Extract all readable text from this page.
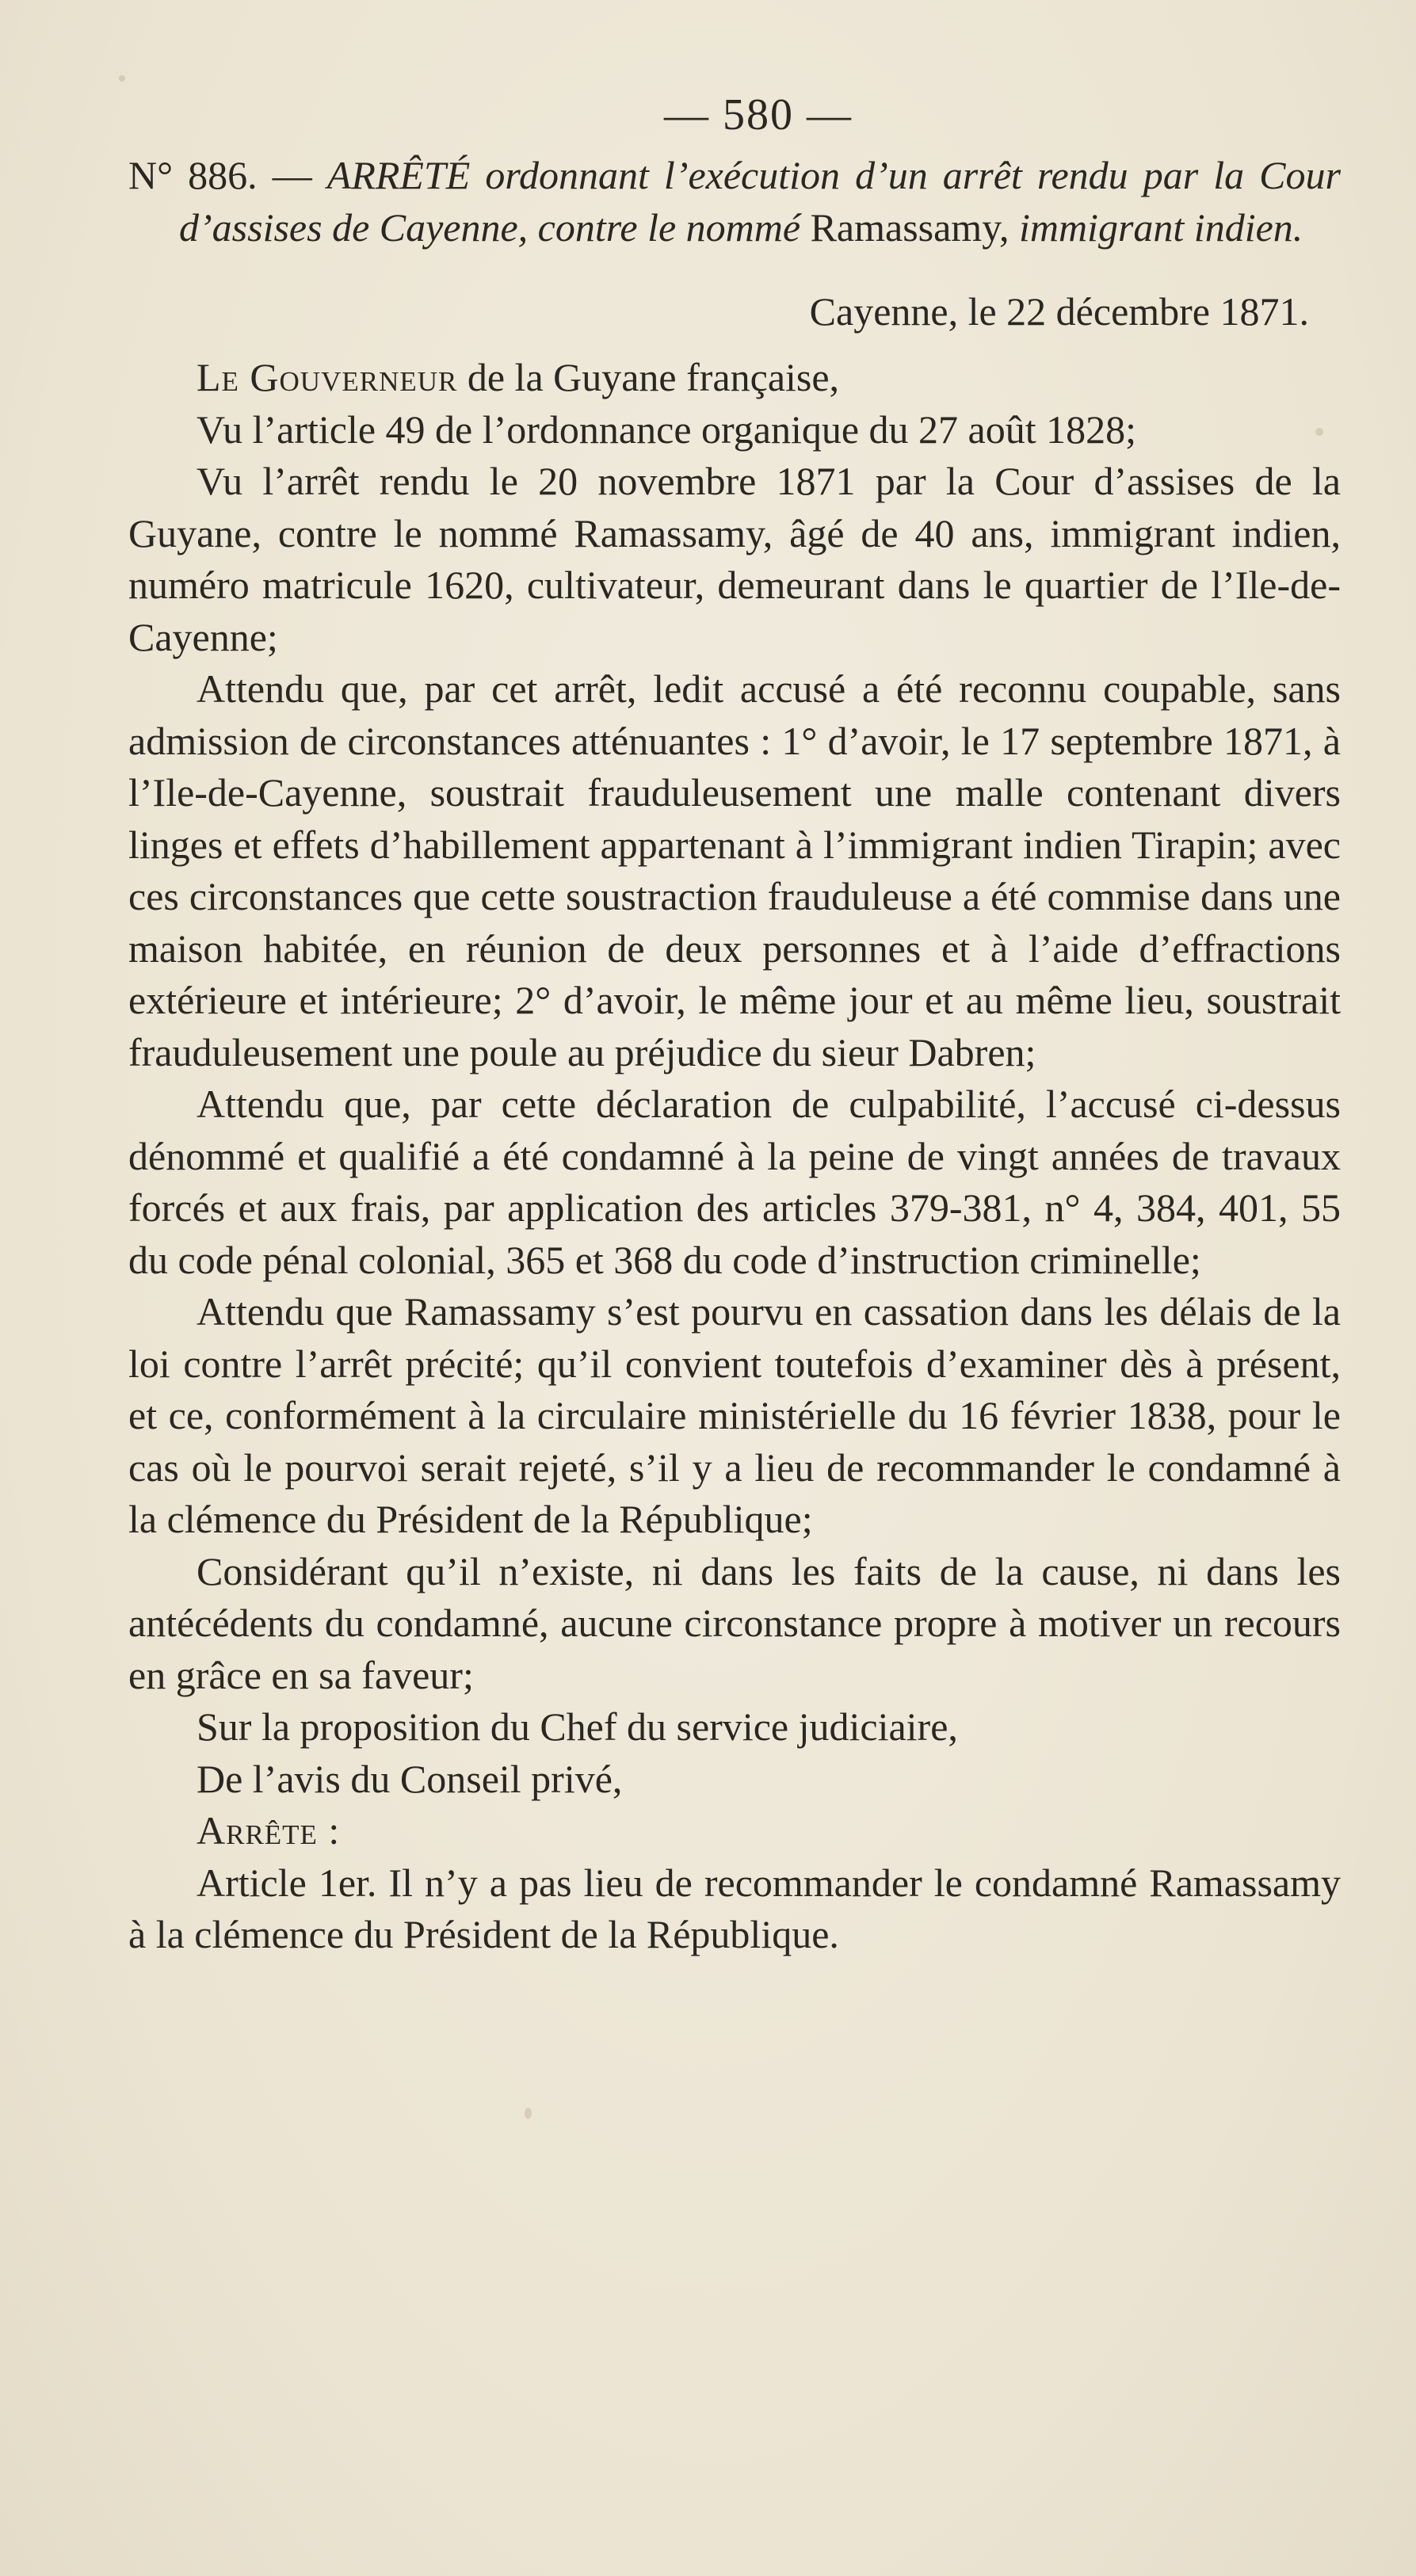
— 580 —
N° 886. — ARRÊTÉ ordonnant l’exécution d’un arrêt rendu par la Cour d’assises de Cayenne, contre le nommé Ramassamy, immigrant indien.
Cayenne, le 22 décembre 1871.

Le Gouverneur de la Guyane française,

Vu l’article 49 de l’ordonnance organique du 27 août 1828;

Vu l’arrêt rendu le 20 novembre 1871 par la Cour d’assises de la Guyane, contre le nommé Ramassamy, âgé de 40 ans, immigrant indien, numéro matricule 1620, cultivateur, demeurant dans le quartier de l’Ile-de-Cayenne;

Attendu que, par cet arrêt, ledit accusé a été reconnu coupable, sans admission de circonstances atténuantes : 1° d’avoir, le 17 septembre 1871, à l’Ile-de-Cayenne, soustrait frauduleusement une malle contenant divers linges et effets d’habillement appartenant à l’immigrant indien Tirapin; avec ces circonstances que cette soustraction frauduleuse a été commise dans une maison habitée, en réunion de deux personnes et à l’aide d’effractions extérieure et intérieure; 2° d’avoir, le même jour et au même lieu, soustrait frauduleusement une poule au préjudice du sieur Dabren;

Attendu que, par cette déclaration de culpabilité, l’accusé ci-dessus dénommé et qualifié a été condamné à la peine de vingt années de travaux forcés et aux frais, par application des articles 379-381, n° 4, 384, 401, 55 du code pénal colonial, 365 et 368 du code d’instruction criminelle;

Attendu que Ramassamy s’est pourvu en cassation dans les délais de la loi contre l’arrêt précité; qu’il convient toutefois d’examiner dès à présent, et ce, conformément à la circulaire ministérielle du 16 février 1838, pour le cas où le pourvoi serait rejeté, s’il y a lieu de recommander le condamné à la clémence du Président de la République;

Considérant qu’il n’existe, ni dans les faits de la cause, ni dans les antécédents du condamné, aucune circonstance propre à motiver un recours en grâce en sa faveur;

Sur la proposition du Chef du service judiciaire,

De l’avis du Conseil privé,

Arrête :

Article 1er. Il n’y a pas lieu de recommander le condamné Ramassamy à la clémence du Président de la République.
